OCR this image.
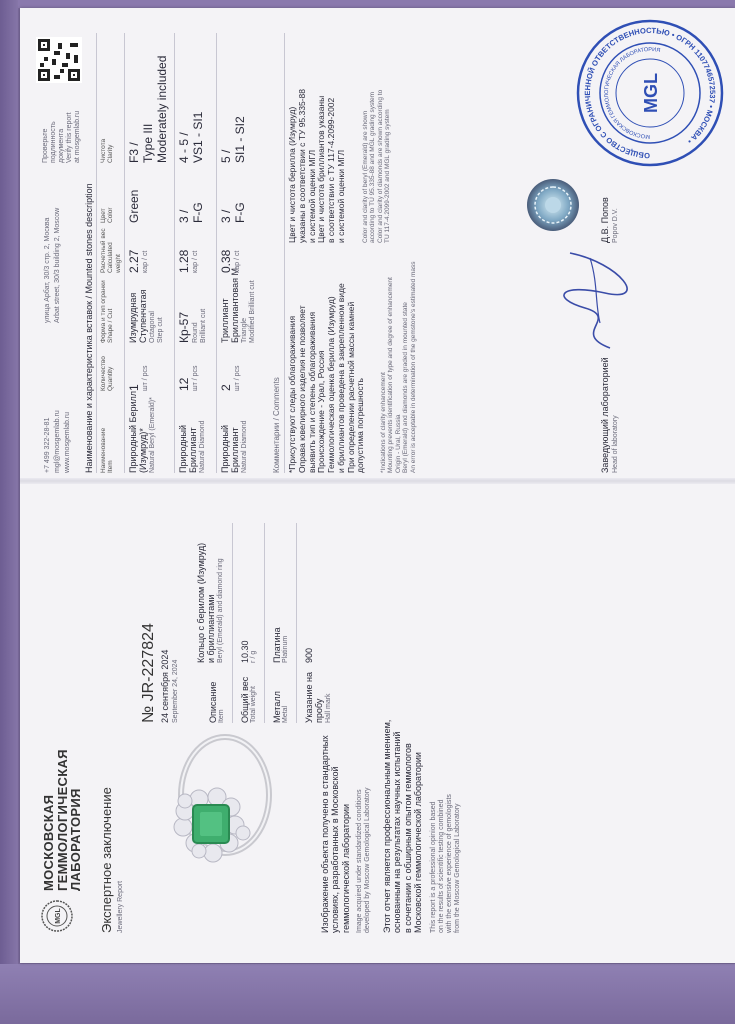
MGL
МОСКОВСКАЯ
ГЕММОЛОГИЧЕСКАЯ
ЛАБОРАТОРИЯ Экспертное заключение Jewellery Report	Изображение объекта получено в стандартных условиях, разработанных в Московской геммологической лаборатории Image acquired under standardized conditions developed by Moscow Gemological Laboratory Этот отчет является профессиональным мнением, основанным на результатах научных испытаний в сочетании с обширным опытом геммологов Московской геммологической лаборатории This report is a professional opinion based on the results of scientific testing combined with the extensive experience of gemologists from the Moscow Gemological Laboratory
№ JR-227824 24 сентября 2024 September 24, 2024	Описание Item
Кольцо с берилом (Изумруд) и бриллиантами Beryl (Emerald) and diamond ring
Общий вес Total weight
10.30 г / g
Металл Metal
Платина Platinum
Указание на пробу Hall mark
900
+7 499 322-28-81 mgl@mosgemlab.ru www.mosgemlab.ru
улица Арбат, 30/3 стр. 2, Москва Arbat street, 30/3 building 2, Moscow
Проверьте подлинность документа Verify this report at mosgemlab.ru
Наименование и характеристика вставок / Mounted stones description Наименование Item
Количество Quantity
Форма и тип огранки Shape / Cut
Расчетный вес Calculated weight
Цвет Color
Чистота Clarity
Природный Берилл (Изумруд)* Natural Beryl (Emerald)*
1 шт / pcs
Изумрудная Ступенчатая Octagonal Step cut
2.27 кар / ct
Green
F3 / Type III Moderately included
Природный Бриллиант Natural Diamond
12 шт / pcs
Кр-57 Round Brilliant cut
1.28 кар / ct
3 / F-G
4 - 5 / VS1 - SI1
Природный Бриллиант Natural Diamond
2 шт / pcs
Триллиант Бриллиантовая М Triangle Modified Brilliant cut
0.38 кар / ct
3 / F-G
5 / SI1 - SI2
Комментарии / Comments *Присутствуют следы облагораживания Оправа ювелирного изделия не позволяет выявить тип и степень облагораживания Происхождение - Урал, Россия Геммологическая оценка берилла (Изумруд) и бриллиантов проведена в закрепленном виде При определении расчетной массы камней допустима погрешность *Indications of clarity enhancement Mounting prevents identification of type and degree of enhancement Origin - Ural, Russia Beryl (Emerald) and diamonds are graded in mounted state An error is acceptable in determination of the gemstone's estimated mass
Цвет и чистота берилла (Изумруд) указаны в соответствии с ТУ 95.335-88 и системой оценки МГЛ Цвет и чистота бриллиантов указаны в соответствии с ТУ 117-4.2099-2002 и системой оценки МГЛ Color and clarity of beryl (Emerald) are shown according to TU 95.335-88 and MGL grading system Color and clarity of diamonds are shown according to TU 117-4.2099-2002 and MGL grading system
Заведующий лабораторией Head of laboratory
Д.В. Попов Popov D.V.
ОБЩЕСТВО С ОГРАНИЧЕННОЙ ОТВЕТСТВЕННОСТЬЮ • ОГРН 1107746572537 • МОСКВА •
МОСКОВСКАЯ ГЕММОЛОГИЧЕСКАЯ ЛАБОРАТОРИЯ
MGL
